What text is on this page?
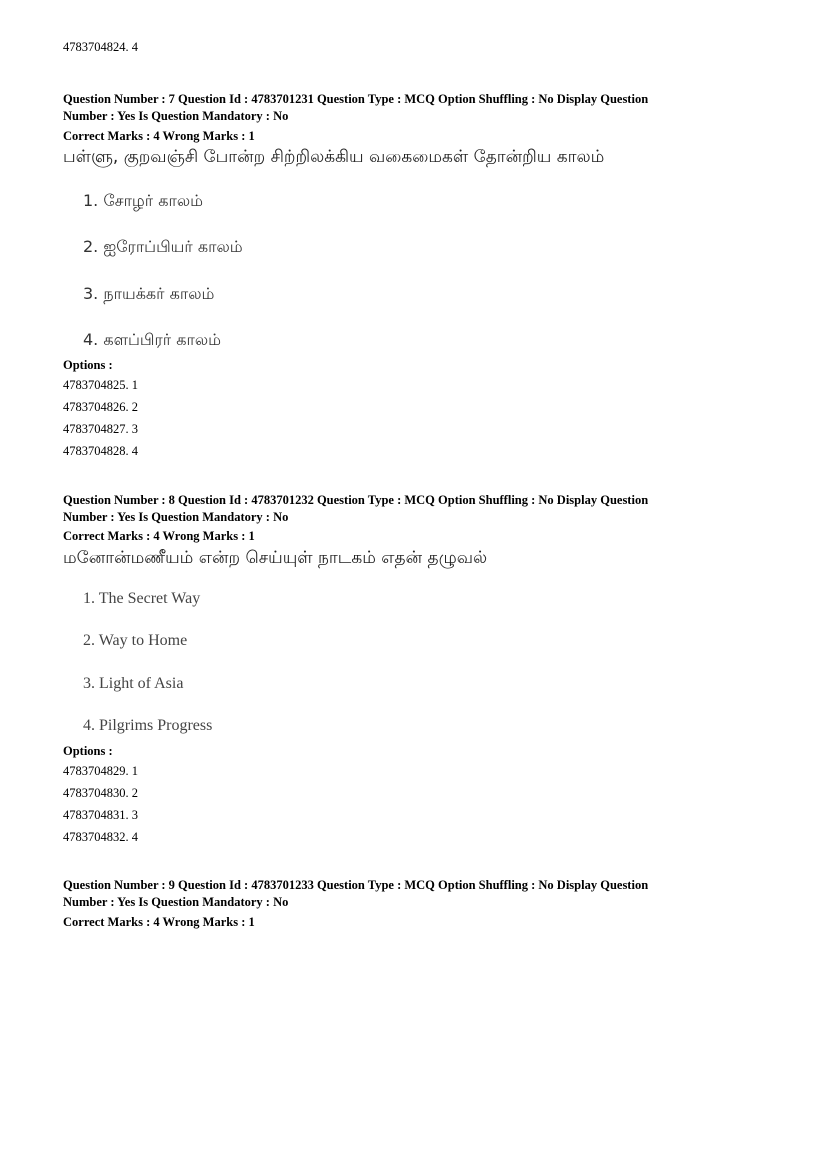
4783704824. 4
Question Number : 7 Question Id : 4783701231 Question Type : MCQ Option Shuffling : No Display Question
Number : Yes Is Question Mandatory : No
Correct Marks : 4 Wrong Marks : 1
பள்ளு, குறவஞ்சி போன்ற சிற்றிலக்கிய வகைமைகள் தோன்றிய காலம்
1. சோழர் காலம்
2. ஐரோப்பியர் காலம்
3. நாயக்கர் காலம்
4. களப்பிரர் காலம்
Options :
4783704825. 1
4783704826. 2
4783704827. 3
4783704828. 4
Question Number : 8 Question Id : 4783701232 Question Type : MCQ Option Shuffling : No Display Question
Number : Yes Is Question Mandatory : No
Correct Marks : 4 Wrong Marks : 1
மனோன்மணீயம் என்ற செய்யுள் நாடகம் எதன் தழுவல்
1. The Secret Way
2. Way to Home
3. Light of Asia
4. Pilgrims Progress
Options :
4783704829. 1
4783704830. 2
4783704831. 3
4783704832. 4
Question Number : 9 Question Id : 4783701233 Question Type : MCQ Option Shuffling : No Display Question
Number : Yes Is Question Mandatory : No
Correct Marks : 4 Wrong Marks : 1
